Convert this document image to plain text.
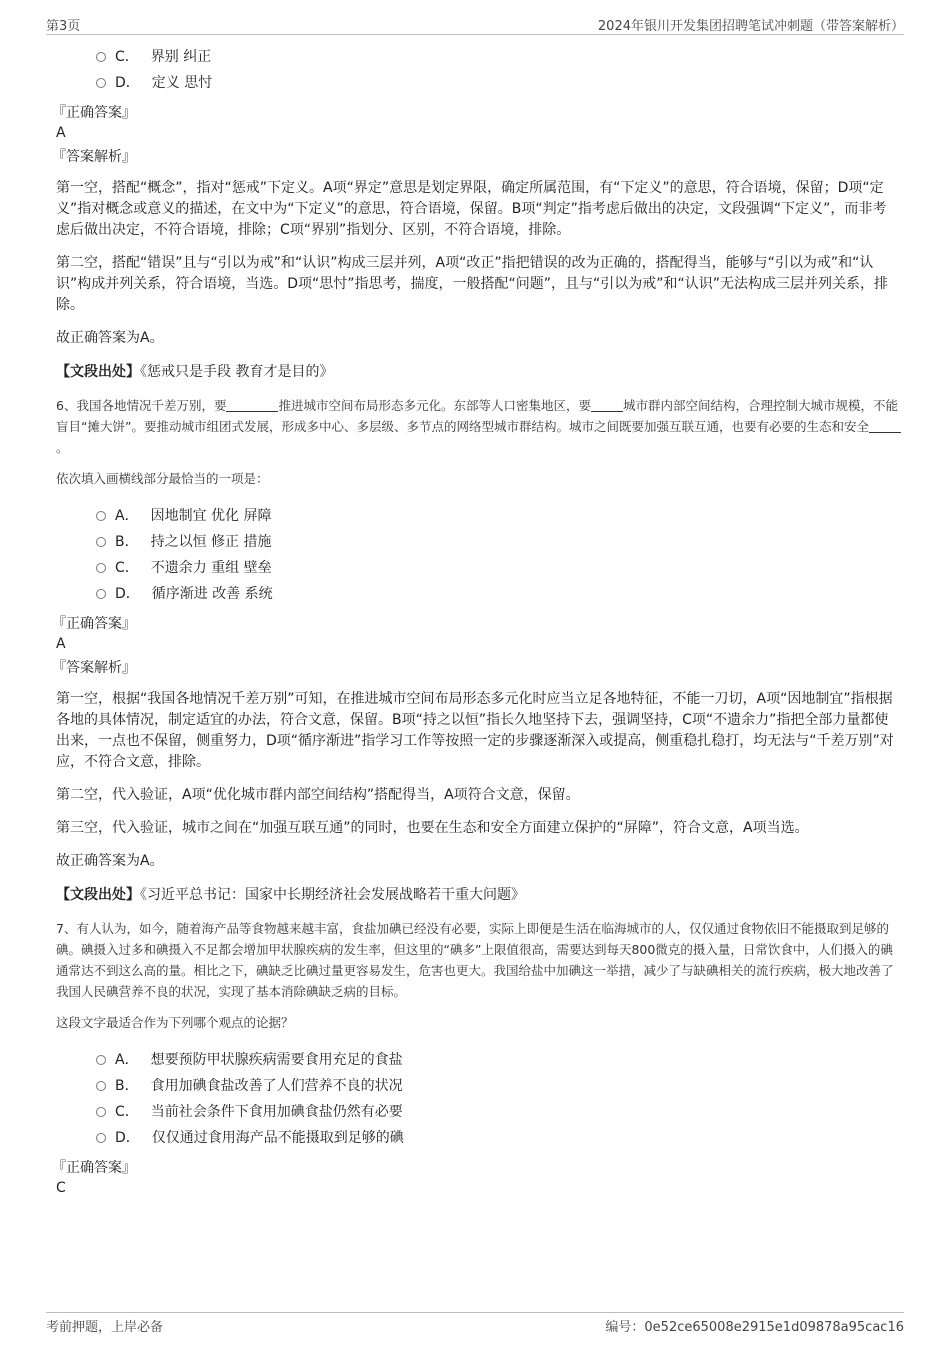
第3页	2024年银川开发集团招聘笔试冲刺题（带答案解析）
C． 界别 纠正
D． 定义 思忖
『正确答案』
A
『答案解析』

第一空，搭配“概念”，指对“惩戒”下定义。A项“界定”意思是划定界限，确定所属范围，有“下定义”的意思，符合语境，保留；D项“定义”指对概念或意义的描述，在文中为“下定义”的意思，符合语境，保留。B项“判定”指考虑后做出的决定，文段强调“下定义”，而非考虑后做出决定，不符合语境，排除；C项“界别”指划分、区别，不符合语境，排除。

第二空，搭配“错误”且与“引以为戒”和“认识”构成三层并列，A项“改正”指把错误的改为正确的，搭配得当，能够与“引以为戒”和“认识”构成并列关系，符合语境，当选。D项“思忖”指思考，揣度，一般搭配“问题”，且与“引以为戒”和“认识”无法构成三层并列关系，排除。

故正确答案为A。

【文段出处】《惩戒只是手段 教育才是目的》
6、我国各地情况千差万别，要	推进城市空间布局形态多元化。东部等人口密集地区，要	城市群内部空间结构，合理控制大城市规模，不能盲目“摊大饼”。要推动城市组团式发展，形成多中心、多层级、多节点的网络型城市群结构。城市之间既要加强互联互通，也要有必要的生态和安全。
依次填入画横线部分最恰当的一项是：
A． 因地制宜 优化 屏障
B． 持之以恒 修正 措施
C． 不遗余力 重组 壁垒
D． 循序渐进 改善 系统
『正确答案』
A
『答案解析』

第一空，根据“我国各地情况千差万别”可知，在推进城市空间布局形态多元化时应当立足各地特征，不能一刀切，A项“因地制宜”指根据各地的具体情况，制定适宜的办法，符合文意，保留。B项“持之以恒”指长久地坚持下去，强调坚持，C项“不遗余力”指把全部力量都使出来，一点也不保留，侧重努力，D项“循序渐进”指学习工作等按照一定的步骤逐渐深入或提高，侧重稳扎稳打，均无法与“千差万别”对应，不符合文意，排除。

第二空，代入验证，A项“优化城市群内部空间结构”搭配得当，A项符合文意，保留。

第三空，代入验证，城市之间在“加强互联互通”的同时，也要在生态和安全方面建立保护的“屏障”，符合文意，A项当选。

故正确答案为A。

【文段出处】《习近平总书记：国家中长期经济社会发展战略若干重大问题》
7、有人认为，如今，随着海产品等食物越来越丰富，食盐加碘已经没有必要，实际上即便是生活在临海城市的人，仅仅通过食物依旧不能摄取到足够的碘。碘摄入过多和碘摄入不足都会增加甲状腺疾病的发生率，但这里的“碘多”上限值很高，需要达到每天800微克的摄入量，日常饮食中，人们摄入的碘通常达不到这么高的量。相比之下，碘缺乏比碘过量更容易发生，危害也更大。我国给盐中加碘这一举措，减少了与缺碘相关的流行疾病，极大地改善了我国人民碘营养不良的状况，实现了基本消除碘缺乏病的目标。
这段文字最适合作为下列哪个观点的论据？
A． 想要预防甲状腺疾病需要食用充足的食盐
B． 食用加碘食盐改善了人们营养不良的状况
C． 当前社会条件下食用加碘食盐仍然有必要
D． 仅仅通过食用海产品不能摄取到足够的碘
『正确答案』
C
考前押题，上岸必备	编号：0e52ce65008e2915e1d09878a95cac16
